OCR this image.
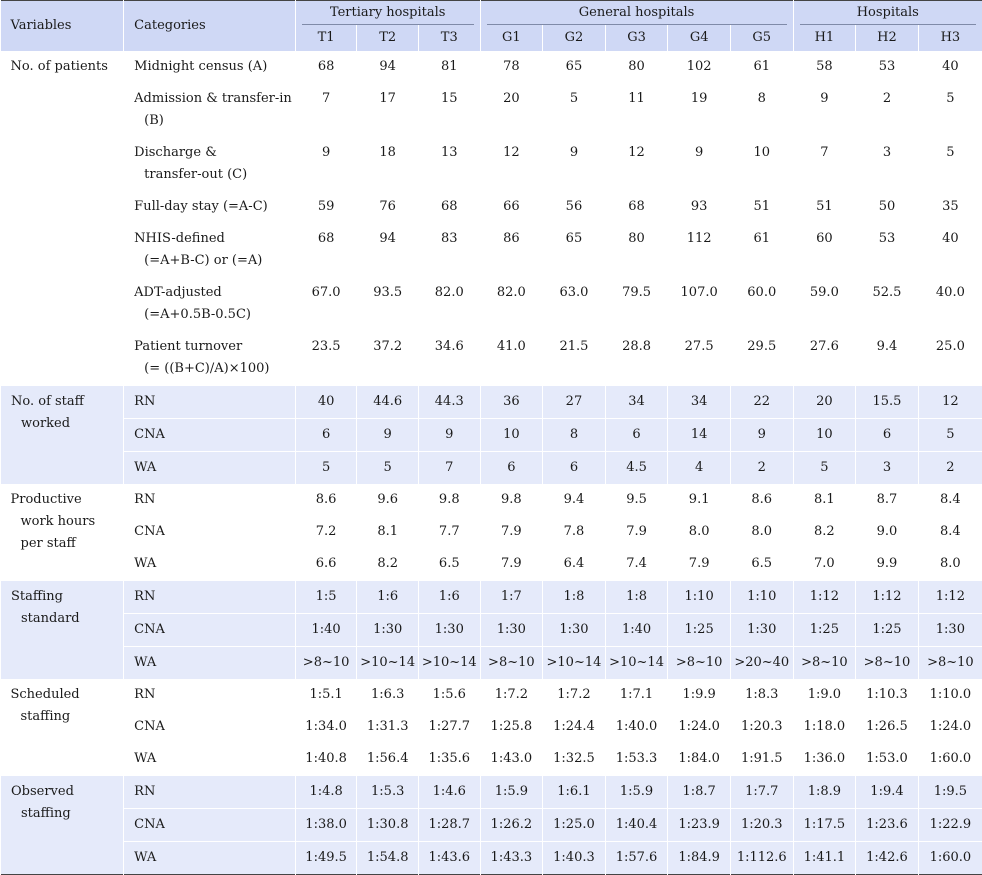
Variables	Categories	Tertiary hospitals			General hospitals					Hospitals		

		T1	T2	T3	G1	G2	G3	G4	G5	H1	H2	H3

No. of patients	Midnight census (A)	68	94	81	78	65	80	102	61	58	53	40

	Admission & transfer-in
(B)	7	17	15	20	5	11	19	8	9	2	5

	Discharge &
transfer-out (C)	9	18	13	12	9	12	9	10	7	3	5

	Full-day stay (=A-C)	59	76	68	66	56	68	93	51	51	50	35

	NHIS-defined
(=A+B-C) or (=A)	68	94	83	86	65	80	112	61	60	53	40

	ADT-adjusted
(=A+0.5B-0.5C)	67.0	93.5	82.0	82.0	63.0	79.5	107.0	60.0	59.0	52.5	40.0

	Patient turnover
(= ((B+C)/A)×100)	23.5	37.2	34.6	41.0	21.5	28.8	27.5	29.5	27.6	9.4	25.0

No. of staff
worked	RN	40	44.6	44.3	36	27	34	34	22	20	15.5	12

	CNA	6	9	9	10	8	6	14	9	10	6	5

	WA	5	5	7	6	6	4.5	4	2	5	3	2

Productive
work hours
per staff	RN	8.6	9.6	9.8	9.8	9.4	9.5	9.1	8.6	8.1	8.7	8.4

	CNA	7.2	8.1	7.7	7.9	7.8	7.9	8.0	8.0	8.2	9.0	8.4

	WA	6.6	8.2	6.5	7.9	6.4	7.4	7.9	6.5	7.0	9.9	8.0

Staffing
standard	RN	1:5	1:6	1:6	1:7	1:8	1:8	1:10	1:10	1:12	1:12	1:12

	CNA	1:40	1:30	1:30	1:30	1:30	1:40	1:25	1:30	1:25	1:25	1:30

	WA	>8~10	>10~14	>10~14	>8~10	>10~14	>10~14	>8~10	>20~40	>8~10	>8~10	>8~10

Scheduled
staffing	RN	1:5.1	1:6.3	1:5.6	1:7.2	1:7.2	1:7.1	1:9.9	1:8.3	1:9.0	1:10.3	1:10.0

	CNA	1:34.0	1:31.3	1:27.7	1:25.8	1:24.4	1:40.0	1:24.0	1:20.3	1:18.0	1:26.5	1:24.0

	WA	1:40.8	1:56.4	1:35.6	1:43.0	1:32.5	1:53.3	1:84.0	1:91.5	1:36.0	1:53.0	1:60.0

Observed
staffing	RN	1:4.8	1:5.3	1:4.6	1:5.9	1:6.1	1:5.9	1:8.7	1:7.7	1:8.9	1:9.4	1:9.5

	CNA	1:38.0	1:30.8	1:28.7	1:26.2	1:25.0	1:40.4	1:23.9	1:20.3	1:17.5	1:23.6	1:22.9

	WA	1:49.5	1:54.8	1:43.6	1:43.3	1:40.3	1:57.6	1:84.9	1:112.6	1:41.1	1:42.6	1:60.0
